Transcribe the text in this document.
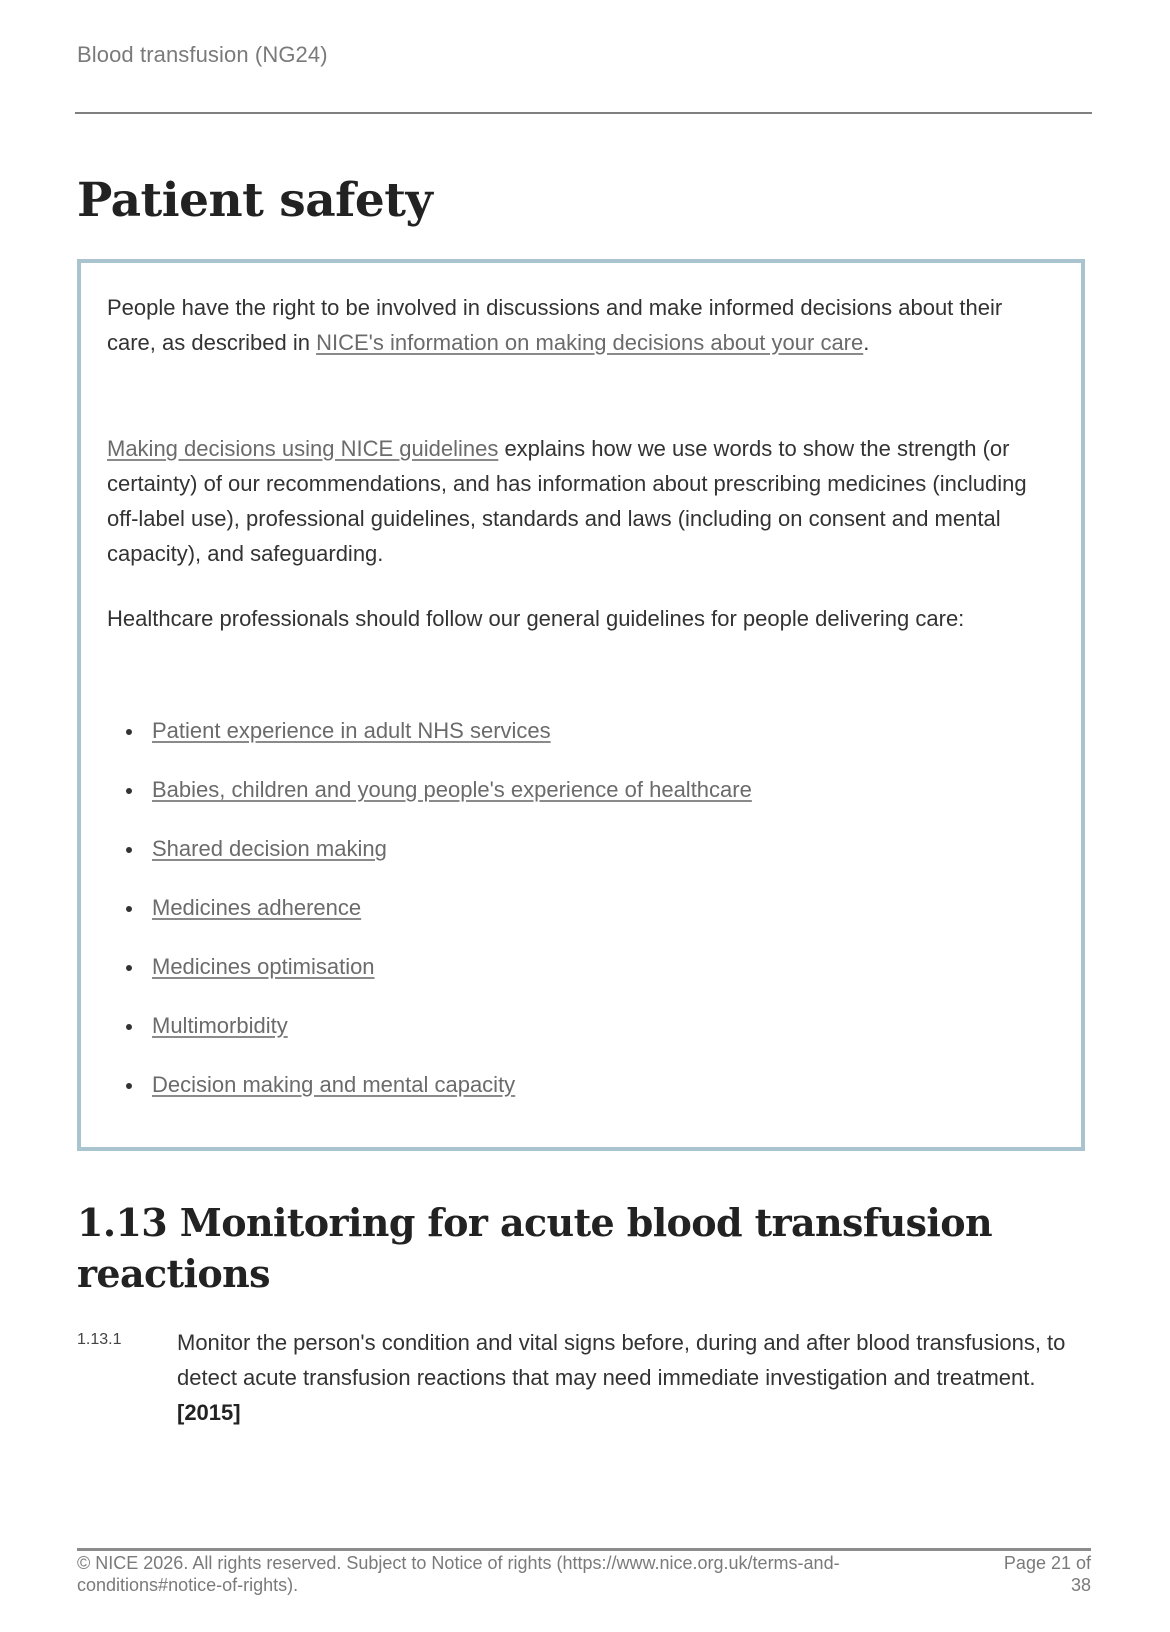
Blood transfusion (NG24)
Patient safety

People have the right to be involved in discussions and make informed decisions about their care, as described in NICE's information on making decisions about your care.

Making decisions using NICE guidelines explains how we use words to show the strength (or certainty) of our recommendations, and has information about prescribing medicines (including off-label use), professional guidelines, standards and laws (including on consent and mental capacity), and safeguarding.

Healthcare professionals should follow our general guidelines for people delivering care:

Patient experience in adult NHS services
Babies, children and young people's experience of healthcare
Shared decision making
Medicines adherence
Medicines optimisation
Multimorbidity
Decision making and mental capacity
1.13 Monitoring for acute blood transfusion reactions
1.13.1	Monitor the person's condition and vital signs before, during and after blood transfusions, to detect acute transfusion reactions that may need immediate investigation and treatment. [2015]

© NICE 2026. All rights reserved. Subject to Notice of rights (https://www.nice.org.uk/terms-and-conditions#notice-of-rights).
Page 21 of 38
